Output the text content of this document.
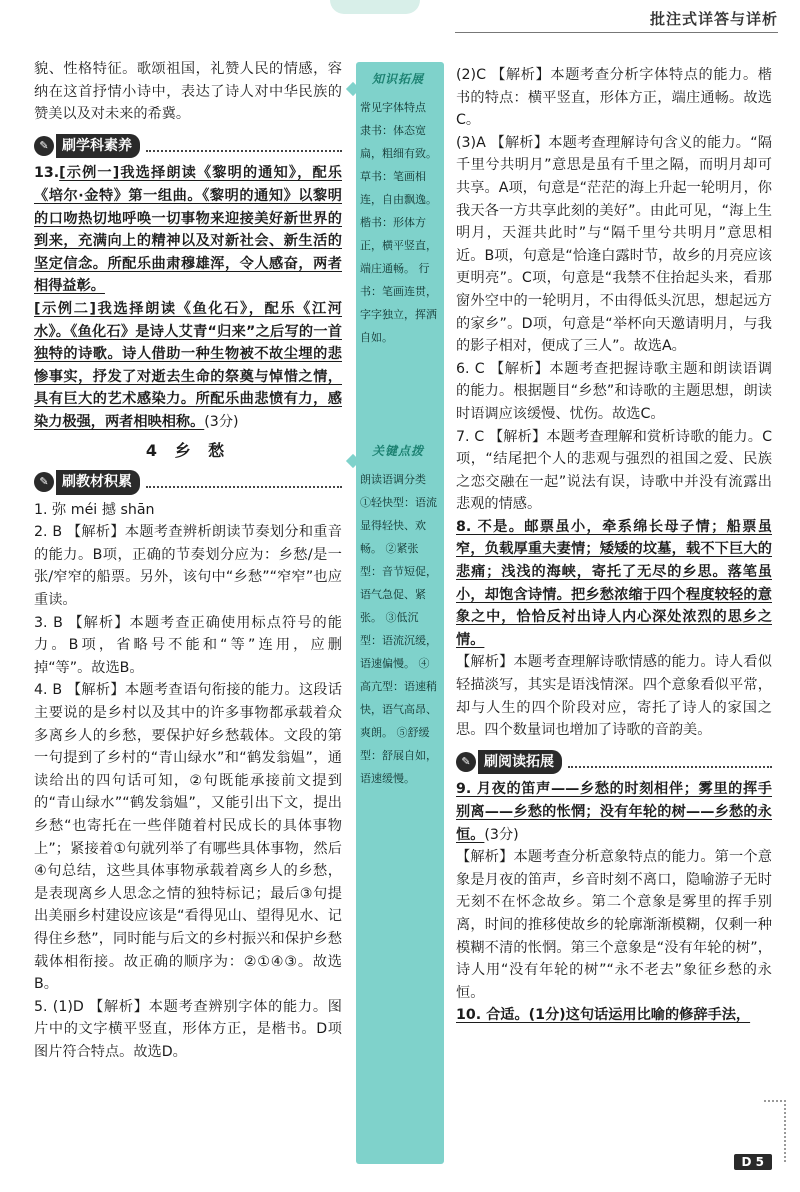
批注式详答与详析

貌、性格特征。歌颂祖国，礼赞人民的情感，容纳在这首抒情小诗中，表达了诗人对中华民族的赞美以及对未来的希冀。

✎ 刷学科素养

13.[示例一]我选择朗读《黎明的通知》，配乐《培尔·金特》第一组曲。《黎明的通知》以黎明的口吻热切地呼唤一切事物来迎接美好新世界的到来，充满向上的精神以及对新社会、新生活的坚定信念。所配乐曲肃穆雄浑，令人感奋，两者相得益彰。

[示例二]我选择朗读《鱼化石》，配乐《江河水》。《鱼化石》是诗人艾青“归来”之后写的一首独特的诗歌。诗人借助一种生物被不故尘埋的悲惨事实，抒发了对逝去生命的祭奠与悼惜之情，具有巨大的艺术感染力。所配乐曲悲愤有力，感染力极强，两者相映相称。(3分)

4 乡 愁
✎ 刷教材积累

1. 弥 méi 撼 shān

2. B 【解析】本题考查辨析朗读节奏划分和重音的能力。B项，正确的节奏划分应为：乡愁/是一张/窄窄的船票。另外，该句中“乡愁”“窄窄”也应重读。

3. B 【解析】本题考查正确使用标点符号的能力。B项，省略号不能和“等”连用，应删掉“等”。故选B。

4. B 【解析】本题考查语句衔接的能力。这段话主要说的是乡村以及其中的许多事物都承载着众多离乡人的乡愁，要保护好乡愁载体。文段的第一句提到了乡村的“青山绿水”和“鹤发翁媪”，通读给出的四句话可知，②句既能承接前文提到的“青山绿水”“鹤发翁媪”，又能引出下文，提出乡愁“也寄托在一些伴随着村民成长的具体事物上”；紧接着①句就列举了有哪些具体事物，然后④句总结，这些具体事物承载着离乡人的乡愁，是表现离乡人思念之情的独特标记；最后③句提出美丽乡村建设应该是“看得见山、望得见水、记得住乡愁”，同时能与后文的乡村振兴和保护乡愁载体相衔接。故正确的顺序为：②①④③。故选B。

5. (1)D 【解析】本题考查辨别字体的能力。图片中的文字横平竖直，形体方正，是楷书。D项图片符合特点。故选D。

知识拓展
常见字体特点 隶书：体态宽扁，粗细有致。 草书：笔画相连，自由飘逸。 楷书：形体方正，横平竖直，端庄通畅。 行书：笔画连贯，字字独立，挥洒自如。
关键点拨
朗读语调分类 ①轻快型：语流显得轻快、欢畅。 ②紧张型：音节短促，语气急促、紧张。 ③低沉型：语流沉缓，语速偏慢。 ④高亢型：语速稍快，语气高昂、爽朗。 ⑤舒缓型：舒展自如，语速缓慢。

(2)C 【解析】本题考查分析字体特点的能力。楷书的特点：横平竖直，形体方正，端庄通畅。故选C。

(3)A 【解析】本题考查理解诗句含义的能力。“隔千里兮共明月”意思是虽有千里之隔，而明月却可共享。A项，句意是“茫茫的海上升起一轮明月，你我天各一方共享此刻的美好”。由此可见，“海上生明月，天涯共此时”与“隔千里兮共明月”意思相近。B项，句意是“恰逢白露时节，故乡的月亮应该更明亮”。C项，句意是“我禁不住抬起头来，看那窗外空中的一轮明月，不由得低头沉思，想起远方的家乡”。D项，句意是“举杯向天邀请明月，与我的影子相对，便成了三人”。故选A。

6. C 【解析】本题考查把握诗歌主题和朗读语调的能力。根据题目“乡愁”和诗歌的主题思想，朗读时语调应该缓慢、忧伤。故选C。

7. C 【解析】本题考查理解和赏析诗歌的能力。C项，“结尾把个人的悲观与强烈的祖国之爱、民族之恋交融在一起”说法有误，诗歌中并没有流露出悲观的情感。

8. 不是。邮票虽小，牵系绵长母子情；船票虽窄，负载厚重夫妻情；矮矮的坟墓，载不下巨大的悲痛；浅浅的海峡，寄托了无尽的乡思。落笔虽小，却饱含诗情。把乡愁浓缩于四个程度较轻的意象之中，恰恰反衬出诗人内心深处浓烈的思乡之情。

【解析】本题考查理解诗歌情感的能力。诗人看似轻描淡写，其实是语浅情深。四个意象看似平常，却与人生的四个阶段对应，寄托了诗人的家国之思。四个数量词也增加了诗歌的音韵美。

✎ 刷阅读拓展

9. 月夜的笛声——乡愁的时刻相伴；雾里的挥手别离——乡愁的怅惘；没有年轮的树——乡愁的永恒。(3分)

【解析】本题考查分析意象特点的能力。第一个意象是月夜的笛声，乡音时刻不离口，隐喻游子无时无刻不在怀念故乡。第二个意象是雾里的挥手别离，时间的推移使故乡的轮廓渐渐模糊，仅剩一种模糊不清的怅惘。第三个意象是“没有年轮的树”，诗人用“没有年轮的树”“永不老去”象征乡愁的永恒。

10. 合适。(1分)这句话运用比喻的修辞手法，

D 5
